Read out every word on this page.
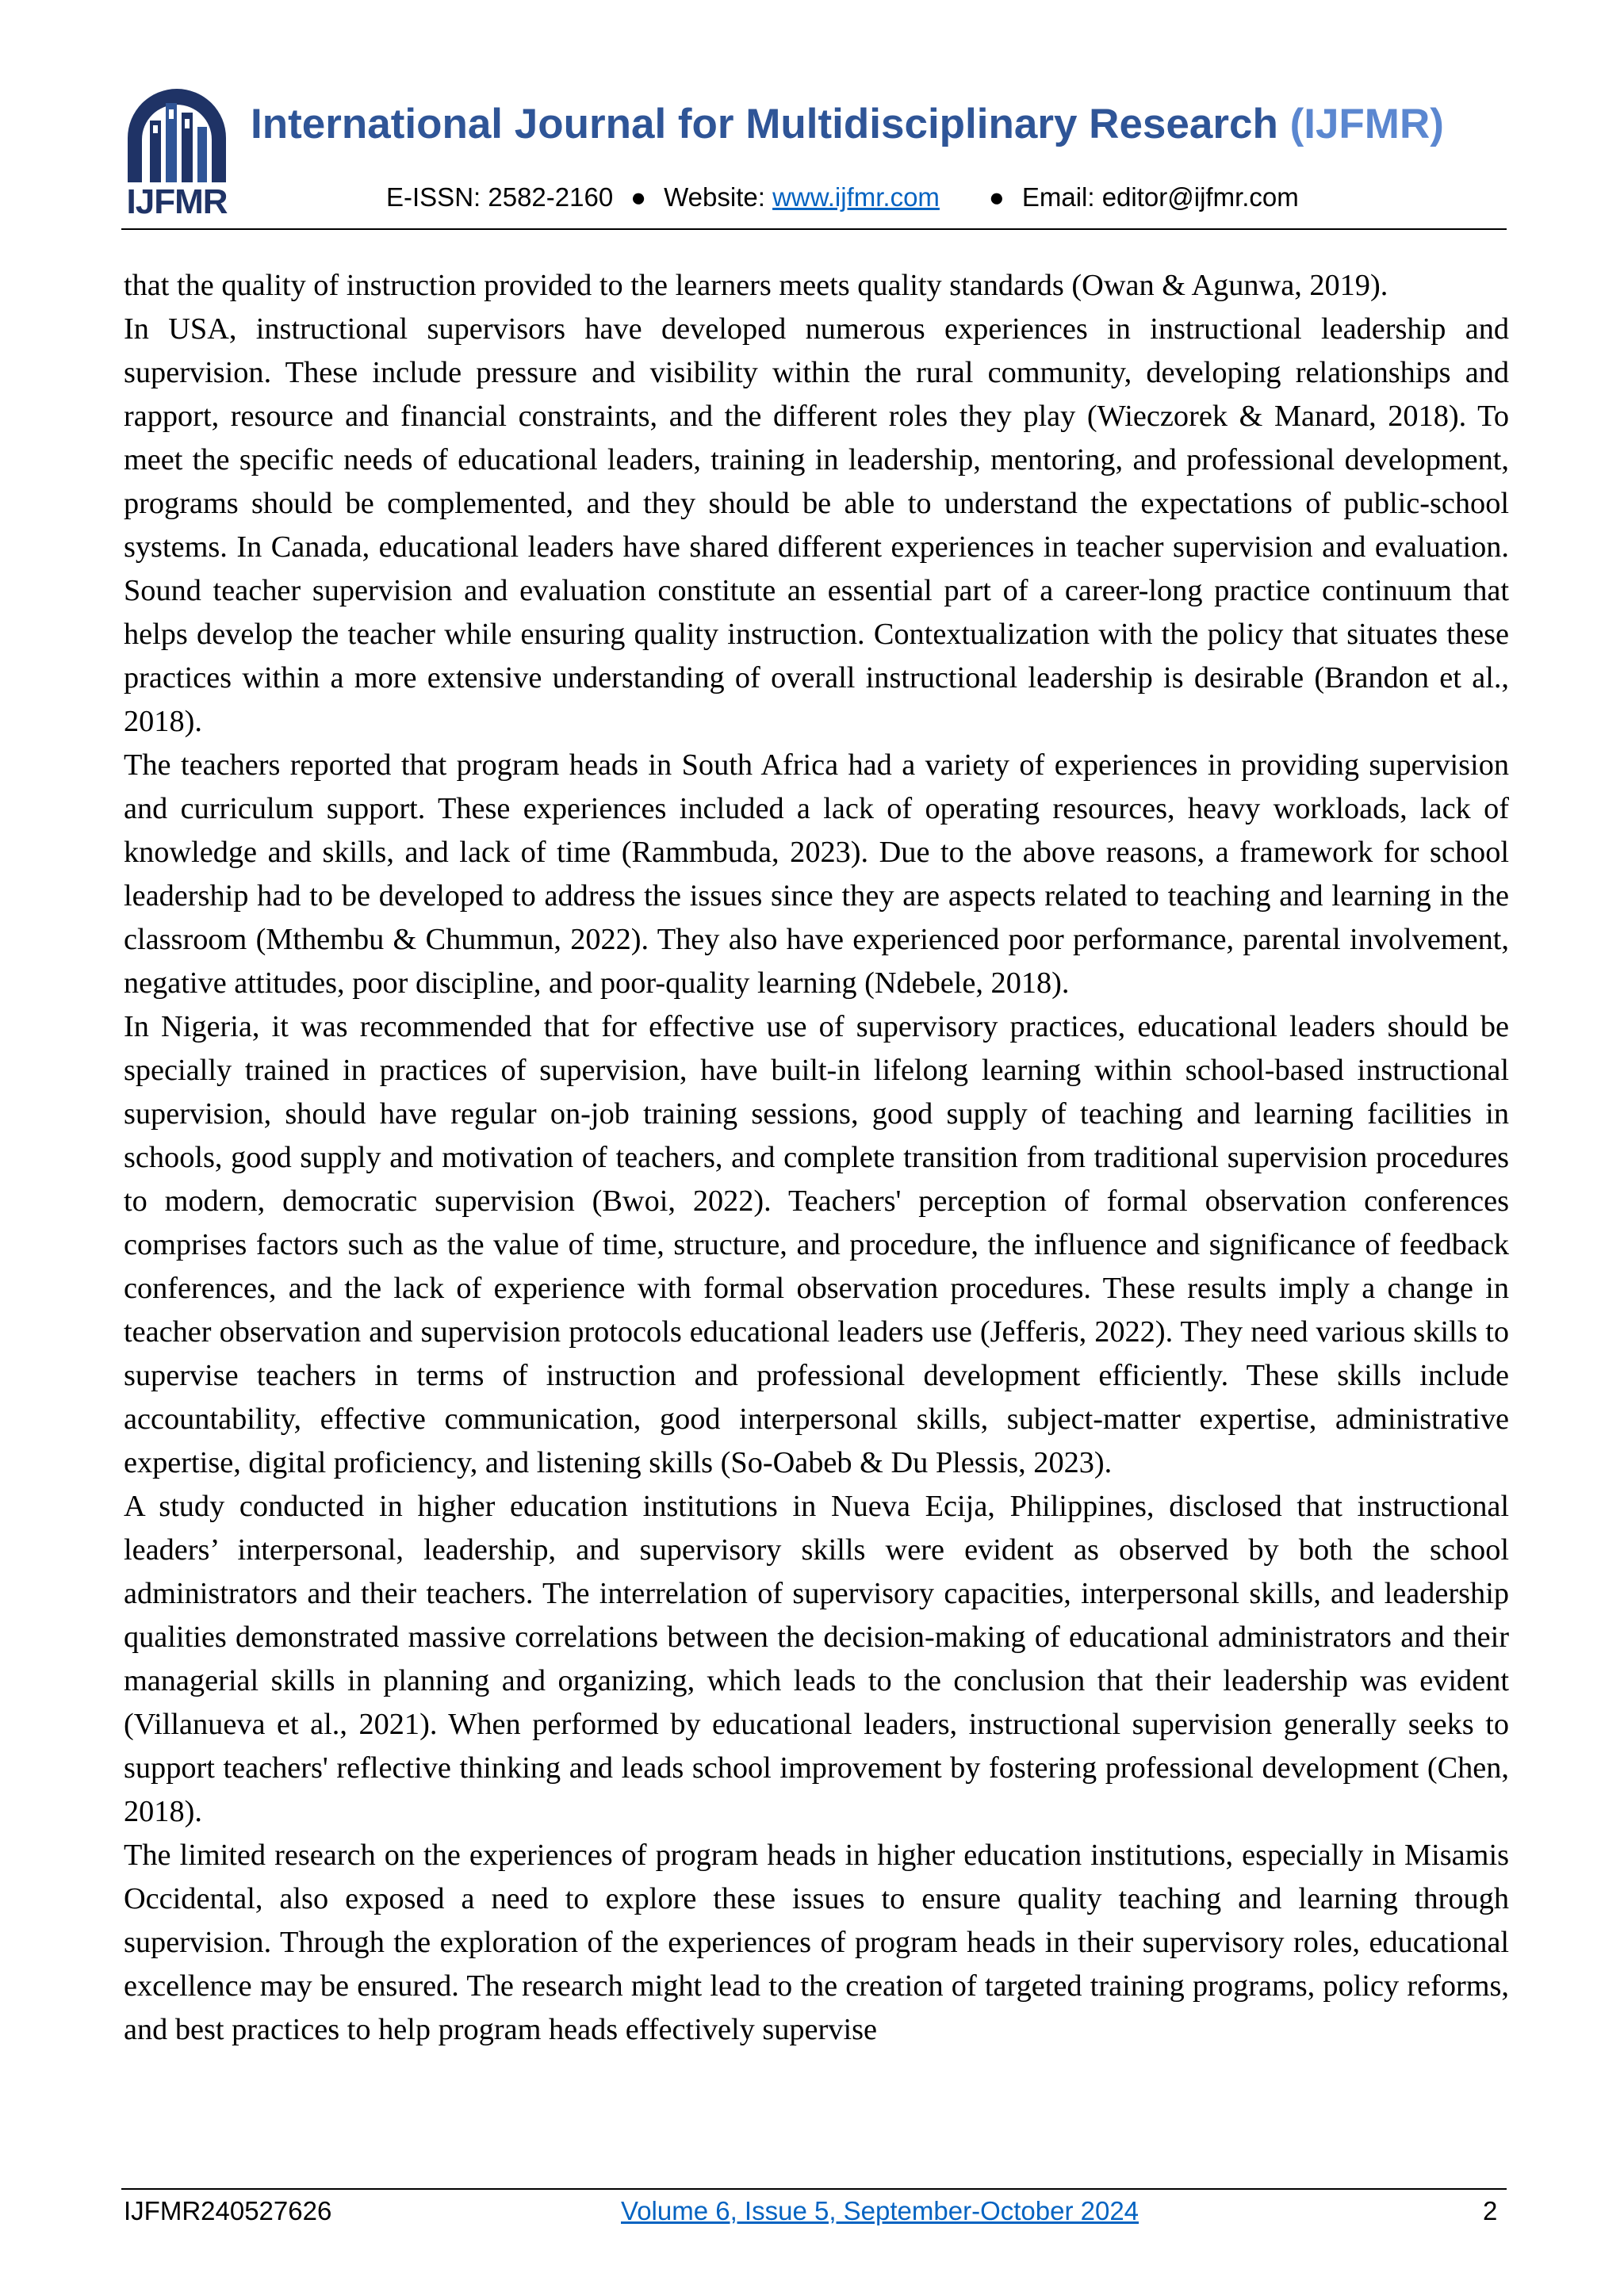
IJFMR
International Journal for Multidisciplinary Research (IJFMR)
E-ISSN: 2582-2160 ● Website: www.ijfmr.com ● Email: editor@ijfmr.com

that the quality of instruction provided to the learners meets quality standards (Owan & Agunwa, 2019).

In USA, instructional supervisors have developed numerous experiences in instructional leadership and supervision. These include pressure and visibility within the rural community, developing relationships and rapport, resource and financial constraints, and the different roles they play (Wieczorek & Manard, 2018). To meet the specific needs of educational leaders, training in leadership, mentoring, and professional development, programs should be complemented, and they should be able to understand the expectations of public-school systems. In Canada, educational leaders have shared different experiences in teacher supervision and evaluation. Sound teacher supervision and evaluation constitute an essential part of a career-long practice continuum that helps develop the teacher while ensuring quality instruction. Contextualization with the policy that situates these practices within a more extensive understanding of overall instructional leadership is desirable (Brandon et al., 2018).

The teachers reported that program heads in South Africa had a variety of experiences in providing supervision and curriculum support. These experiences included a lack of operating resources, heavy workloads, lack of knowledge and skills, and lack of time (Rammbuda, 2023). Due to the above reasons, a framework for school leadership had to be developed to address the issues since they are aspects related to teaching and learning in the classroom (Mthembu & Chummun, 2022). They also have experienced poor performance, parental involvement, negative attitudes, poor discipline, and poor-quality learning (Ndebele, 2018).

In Nigeria, it was recommended that for effective use of supervisory practices, educational leaders should be specially trained in practices of supervision, have built-in lifelong learning within school-based instructional supervision, should have regular on-job training sessions, good supply of teaching and learning facilities in schools, good supply and motivation of teachers, and complete transition from traditional supervision procedures to modern, democratic supervision (Bwoi, 2022). Teachers' perception of formal observation conferences comprises factors such as the value of time, structure, and procedure, the influence and significance of feedback conferences, and the lack of experience with formal observation procedures. These results imply a change in teacher observation and supervision protocols educational leaders use (Jefferis, 2022). They need various skills to supervise teachers in terms of instruction and professional development efficiently. These skills include accountability, effective communication, good interpersonal skills, subject-matter expertise, administrative expertise, digital proficiency, and listening skills (So-Oabeb & Du Plessis, 2023).

A study conducted in higher education institutions in Nueva Ecija, Philippines, disclosed that instructional leaders’ interpersonal, leadership, and supervisory skills were evident as observed by both the school administrators and their teachers. The interrelation of supervisory capacities, interpersonal skills, and leadership qualities demonstrated massive correlations between the decision-making of educational administrators and their managerial skills in planning and organizing, which leads to the conclusion that their leadership was evident (Villanueva et al., 2021). When performed by educational leaders, instructional supervision generally seeks to support teachers' reflective thinking and leads school improvement by fostering professional development (Chen, 2018).

The limited research on the experiences of program heads in higher education institutions, especially in Misamis Occidental, also exposed a need to explore these issues to ensure quality teaching and learning through supervision. Through the exploration of the experiences of program heads in their supervisory roles, educational excellence may be ensured. The research might lead to the creation of targeted training programs, policy reforms, and best practices to help program heads effectively supervise

IJFMR240527626	Volume 6, Issue 5, September-October 2024	2
